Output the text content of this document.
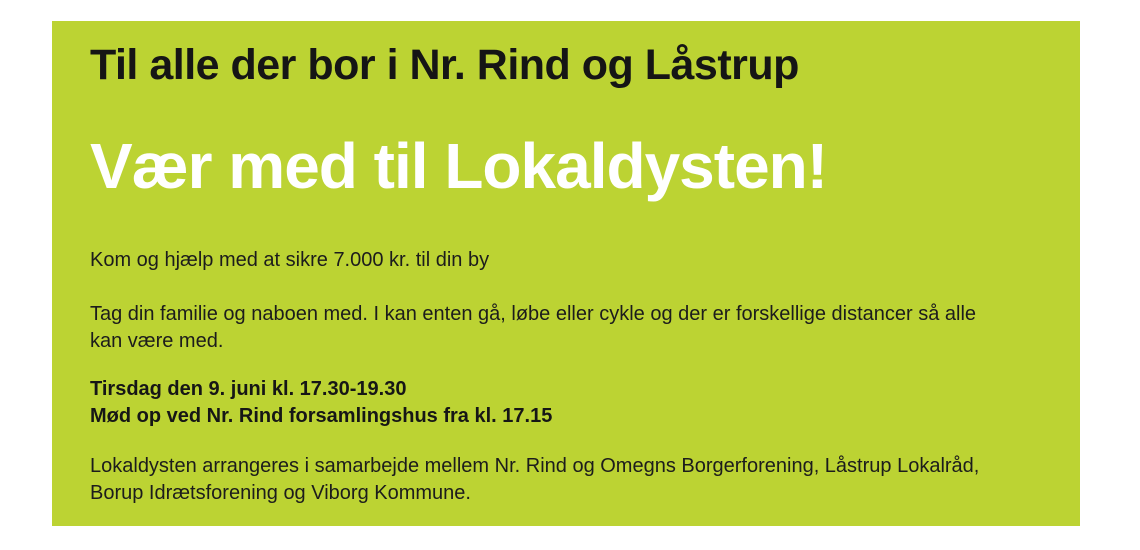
Til alle der bor i Nr. Rind og Låstrup
Vær med til Lokaldysten!
Kom og hjælp med at sikre 7.000 kr. til din by
Tag din familie og naboen med. I kan enten gå, løbe eller cykle og der er forskellige distancer så alle
kan være med.
Tirsdag den 9. juni kl. 17.30-19.30
Mød op ved Nr. Rind forsamlingshus fra kl. 17.15
Lokaldysten arrangeres i samarbejde mellem Nr. Rind og Omegns Borgerforening, Låstrup Lokalråd,
Borup Idrætsforening og Viborg Kommune.
